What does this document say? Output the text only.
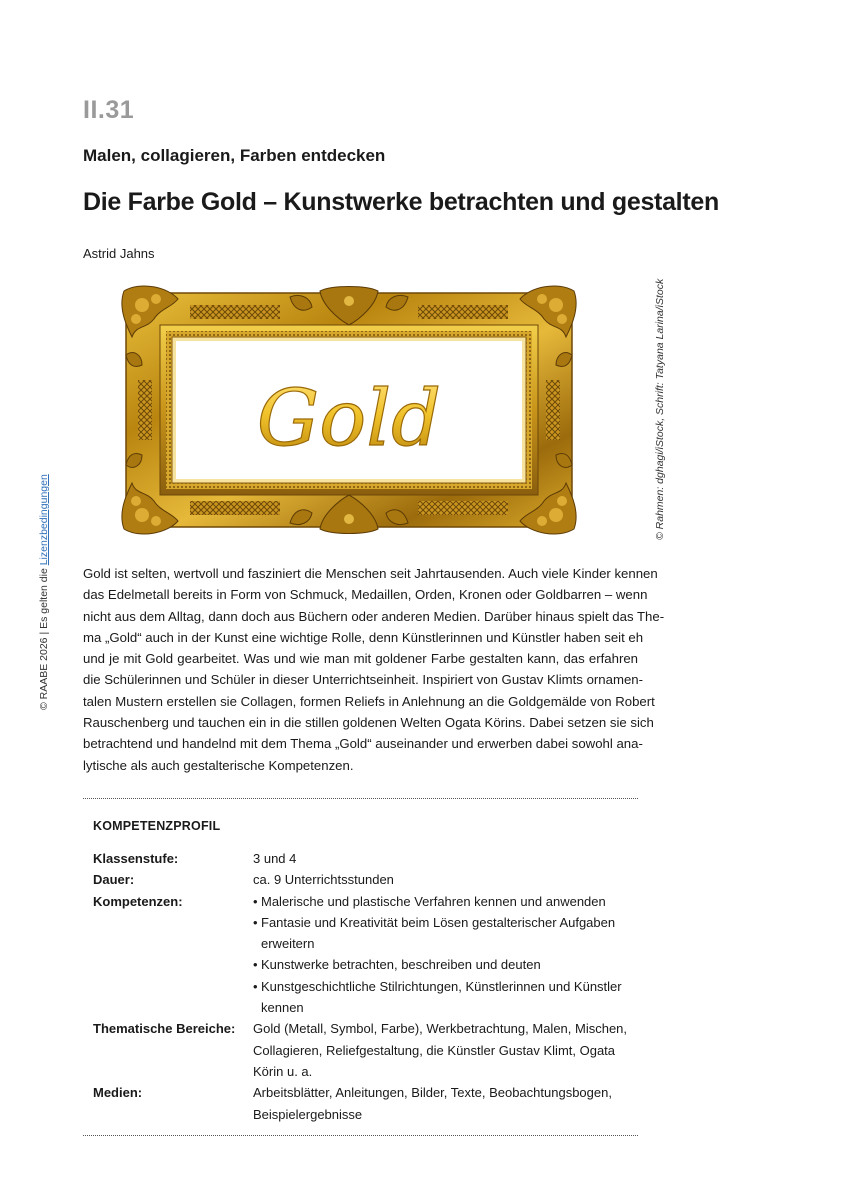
II.31
Malen, collagieren, Farben entdecken
Die Farbe Gold – Kunstwerke betrachten und gestalten
Astrid Jahns
Gold	© Rahmen: dghagi/iStock, Schrift: Tatyana Larina/iStock
© RAABE 2026 | Es gelten die Lizenzbedingungen
Gold ist selten, wertvoll und fasziniert die Menschen seit Jahrtausenden. Auch viele Kinder kennen
das Edelmetall bereits in Form von Schmuck, Medaillen, Orden, Kronen oder Goldbarren – wenn
nicht aus dem Alltag, dann doch aus Büchern oder anderen Medien. Darüber hinaus spielt das The-
ma „Gold“ auch in der Kunst eine wichtige Rolle, denn Künstlerinnen und Künstler haben seit eh
und je mit Gold gearbeitet. Was und wie man mit goldener Farbe gestalten kann, das erfahren
die Schülerinnen und Schüler in dieser Unterrichtseinheit. Inspiriert von Gustav Klimts ornamen-
talen Mustern erstellen sie Collagen, formen Reliefs in Anlehnung an die Goldgemälde von Robert
Rauschenberg und tauchen ein in die stillen goldenen Welten Ogata Körins. Dabei setzen sie sich
betrachtend und handelnd mit dem Thema „Gold“ auseinander und erwerben dabei sowohl ana-
lytische als auch gestalterische Kompetenzen.
KOMPETENZPROFIL
Klassenstufe:	3 und 4
Dauer:	ca. 9 Unterrichtsstunden
Kompetenzen:	• Malerische und plastische Verfahren kennen und anwenden
• Fantasie und Kreativität beim Lösen gestalterischer Aufgaben erweitern
• Kunstwerke betrachten, beschreiben und deuten
• Kunstgeschichtliche Stilrichtungen, Künstlerinnen und Künstler kennen
Thematische Bereiche:	Gold (Metall, Symbol, Farbe), Werkbetrachtung, Malen, Mischen, Collagieren, Reliefgestaltung, die Künstler Gustav Klimt, Ogata Körin u. a.
Medien:	Arbeitsblätter, Anleitungen, Bilder, Texte, Beobachtungsbogen, Beispielergebnisse
